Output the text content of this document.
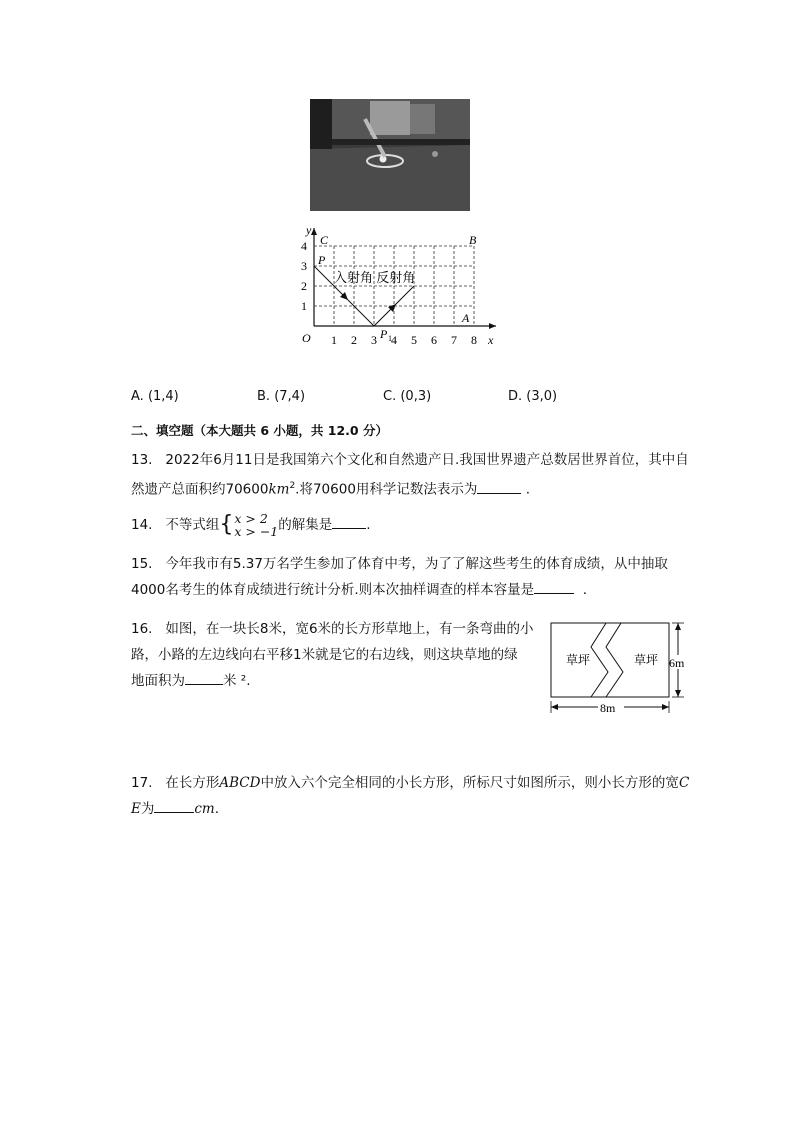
y
x
O
1
2
3
4
1 2 3 4 5 6 7 8
C	B
P
P 1
A
入射角 反射角
A. (1,4)	B. (7,4)	C. (0,3)	D. (3,0)
二、填空题（本大题共 6 小题，共 12.0 分）
13. 2022年6月11日是我国第六个文化和自然遗产日.我国世界遗产总数居世界首位，其中自
然遗产总面积约$70600km^2$.将70600用科学记数法表示为	.
14. 不等式组{ x > 2
x > −1 的解集是	.
15. 今年我市有5.37万名学生参加了体育中考，为了了解这些考生的体育成绩，从中抽取
4000名考生的体育成绩进行统计分析.则本次抽样调查的样本容量是	.
16. 如图，在一块长8米，宽6米的长方形草地上，有一条弯曲的小
路，小路的左边线向右平移1米就是它的右边线，则这块草地的绿
地面积为	米 ².
草坪	草坪 6m
8m
17. 在长方形ABCD中放入六个完全相同的小长方形，所标尺寸如图所示，则小长方形的宽C
E为	cm.
